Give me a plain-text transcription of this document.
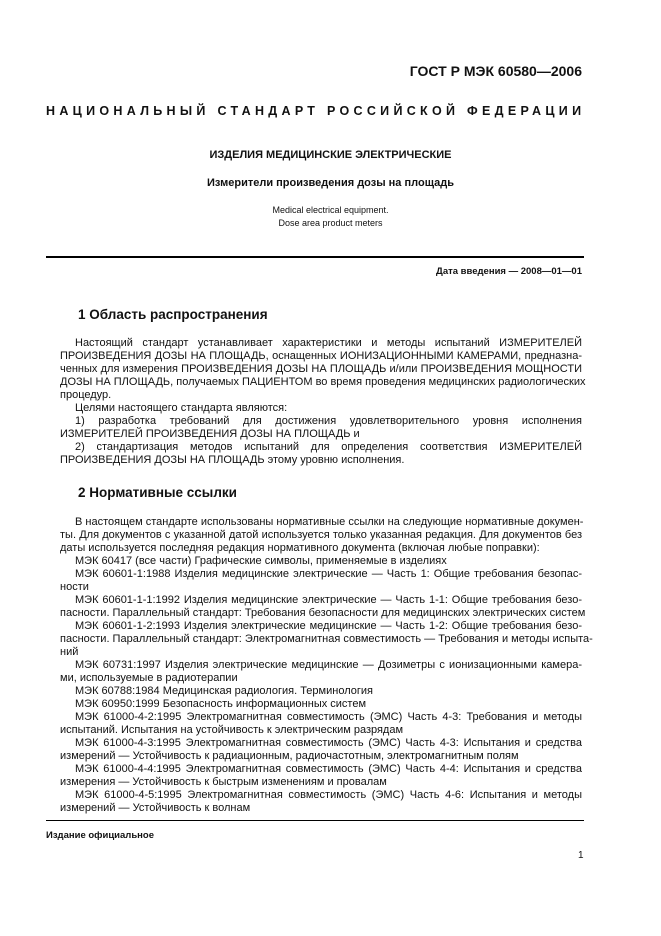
ГОСТ Р МЭК 60580—2006
НАЦИОНАЛЬНЫЙ СТАНДАРТ РОССИЙСКОЙ ФЕДЕРАЦИИ
ИЗДЕЛИЯ МЕДИЦИНСКИЕ ЭЛЕКТРИЧЕСКИЕ
Измерители произведения дозы на площадь
Medical electrical equipment.
Dose area product meters
Дата введения — 2008—01—01
1 Область распространения
Настоящий стандарт устанавливает характеристики и методы испытаний ИЗМЕРИТЕЛЕЙ
ПРОИЗВЕДЕНИЯ ДОЗЫ НА ПЛОЩАДЬ, оснащенных ИОНИЗАЦИОННЫМИ КАМЕРАМИ, предназна-
ченных для измерения ПРОИЗВЕДЕНИЯ ДОЗЫ НА ПЛОЩАДЬ и/или ПРОИЗВЕДЕНИЯ МОЩНОСТИ
ДОЗЫ НА ПЛОЩАДЬ, получаемых ПАЦИЕНТОМ во время проведения медицинских радиологических
процедур.
Целями настоящего стандарта являются:
1) разработка требований для достижения удовлетворительного уровня исполнения
ИЗМЕРИТЕЛЕЙ ПРОИЗВЕДЕНИЯ ДОЗЫ НА ПЛОЩАДЬ и
2) стандартизация методов испытаний для определения соответствия ИЗМЕРИТЕЛЕЙ
ПРОИЗВЕДЕНИЯ ДОЗЫ НА ПЛОЩАДЬ этому уровню исполнения.
2 Нормативные ссылки
В настоящем стандарте использованы нормативные ссылки на следующие нормативные докумен-
ты. Для документов с указанной датой используется только указанная редакция. Для документов без
даты используется последняя редакция нормативного документа (включая любые поправки):
МЭК 60417 (все части) Графические символы, применяемые в изделиях
МЭК 60601-1:1988 Изделия медицинские электрические — Часть 1: Общие требования безопас-
ности
МЭК 60601-1-1:1992 Изделия медицинские электрические — Часть 1-1: Общие требования безо-
пасности. Параллельный стандарт: Требования безопасности для медицинских электрических систем
МЭК 60601-1-2:1993 Изделия электрические медицинские — Часть 1-2: Общие требования безо-
пасности. Параллельный стандарт: Электромагнитная совместимость — Требования и методы испыта-
ний
МЭК 60731:1997 Изделия электрические медицинские — Дозиметры с ионизационными камера-
ми, используемые в радиотерапии
МЭК 60788:1984 Медицинская радиология. Терминология
МЭК 60950:1999 Безопасность информационных систем
МЭК 61000-4-2:1995 Электромагнитная совместимость (ЭМС) Часть 4-3: Требования и методы
испытаний. Испытания на устойчивость к электрическим разрядам
МЭК 61000-4-3:1995 Электромагнитная совместимость (ЭМС) Часть 4-3: Испытания и средства
измерений — Устойчивость к радиационным, радиочастотным, электромагнитным полям
МЭК 61000-4-4:1995 Электромагнитная совместимость (ЭМС) Часть 4-4: Испытания и средства
измерения — Устойчивость к быстрым изменениям и провалам
МЭК 61000-4-5:1995 Электромагнитная совместимость (ЭМС) Часть 4-6: Испытания и методы
измерений — Устойчивость к волнам
Издание официальное
1
